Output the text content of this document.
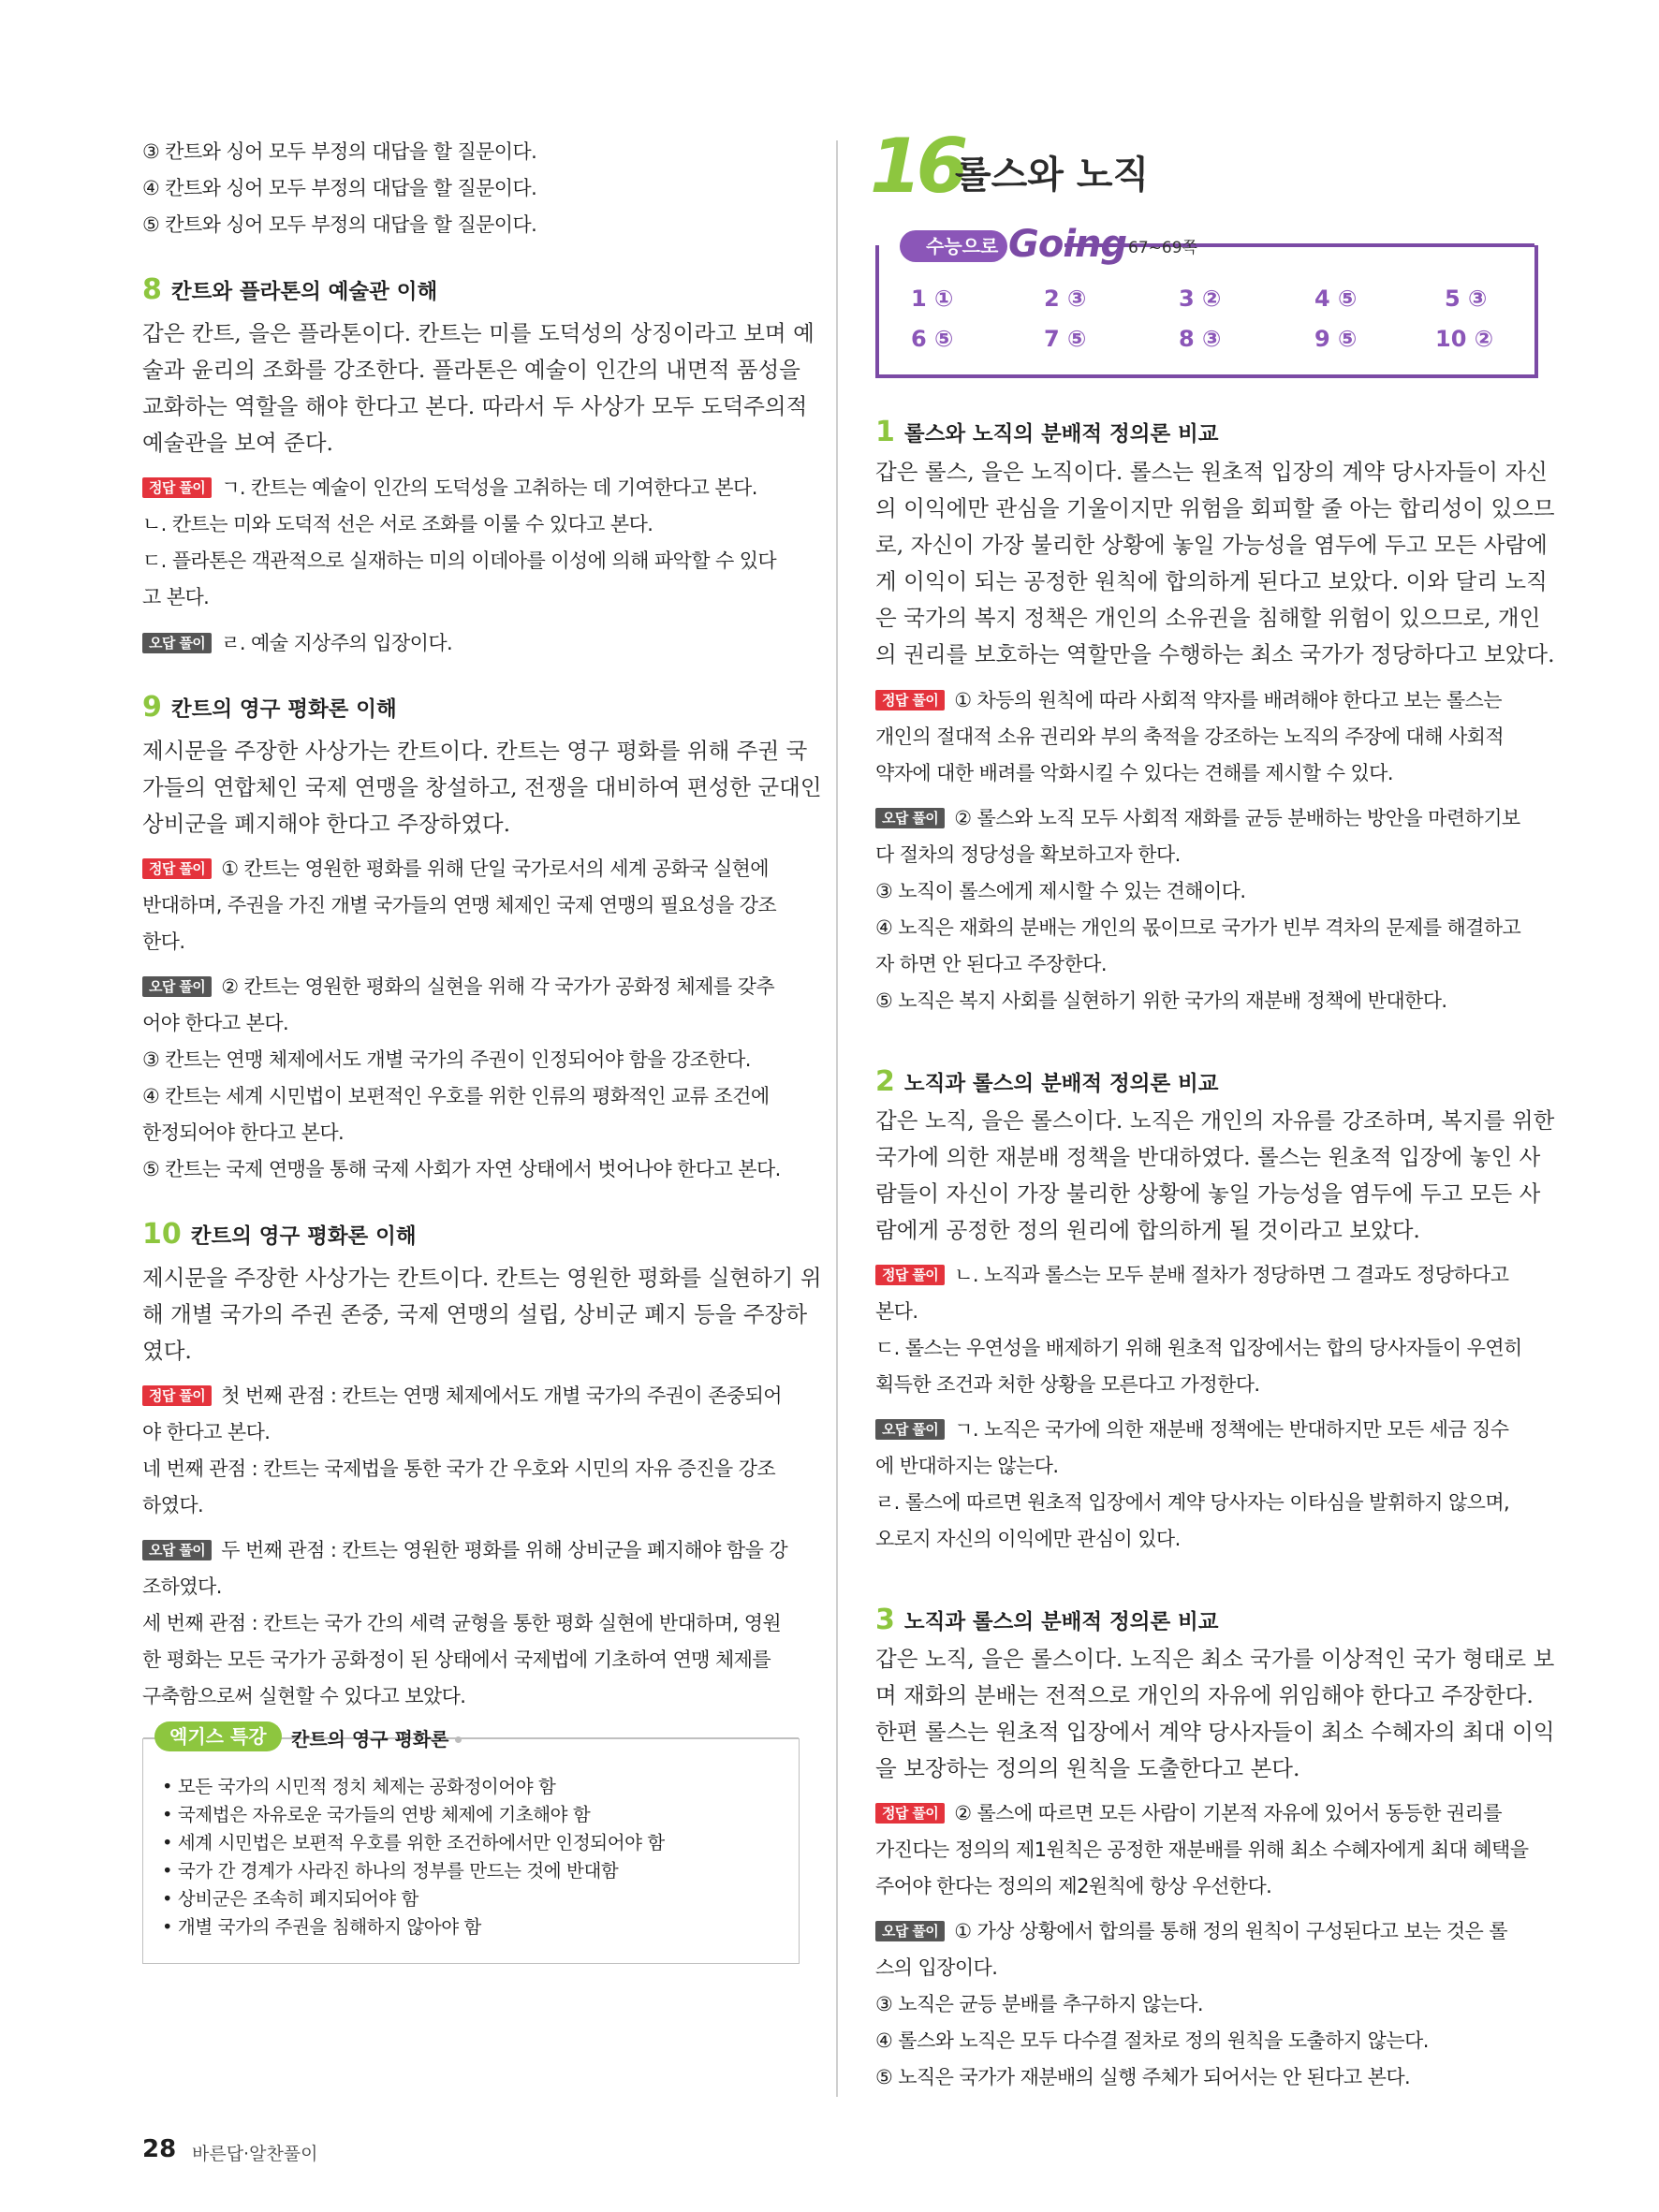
③ 칸트와 싱어 모두 부정의 대답을 할 질문이다.
④ 칸트와 싱어 모두 부정의 대답을 할 질문이다.
⑤ 칸트와 싱어 모두 부정의 대답을 할 질문이다.
8 칸트와 플라톤의 예술관 이해
갑은 칸트, 을은 플라톤이다. 칸트는 미를 도덕성의 상징이라고 보며 예
술과 윤리의 조화를 강조한다. 플라톤은 예술이 인간의 내면적 품성을
교화하는 역할을 해야 한다고 본다. 따라서 두 사상가 모두 도덕주의적
예술관을 보여 준다.
정답 풀이 ㄱ. 칸트는 예술이 인간의 도덕성을 고취하는 데 기여한다고 본다.
ㄴ. 칸트는 미와 도덕적 선은 서로 조화를 이룰 수 있다고 본다.
ㄷ. 플라톤은 객관적으로 실재하는 미의 이데아를 이성에 의해 파악할 수 있다
고 본다.
오답 풀이 ㄹ. 예술 지상주의 입장이다.
9 칸트의 영구 평화론 이해
제시문을 주장한 사상가는 칸트이다. 칸트는 영구 평화를 위해 주권 국
가들의 연합체인 국제 연맹을 창설하고, 전쟁을 대비하여 편성한 군대인
상비군을 폐지해야 한다고 주장하였다.
정답 풀이 ① 칸트는 영원한 평화를 위해 단일 국가로서의 세계 공화국 실현에
반대하며, 주권을 가진 개별 국가들의 연맹 체제인 국제 연맹의 필요성을 강조
한다.
오답 풀이 ② 칸트는 영원한 평화의 실현을 위해 각 국가가 공화정 체제를 갖추
어야 한다고 본다.
③ 칸트는 연맹 체제에서도 개별 국가의 주권이 인정되어야 함을 강조한다.
④ 칸트는 세계 시민법이 보편적인 우호를 위한 인류의 평화적인 교류 조건에
한정되어야 한다고 본다.
⑤ 칸트는 국제 연맹을 통해 국제 사회가 자연 상태에서 벗어나야 한다고 본다.
10 칸트의 영구 평화론 이해
제시문을 주장한 사상가는 칸트이다. 칸트는 영원한 평화를 실현하기 위
해 개별 국가의 주권 존중, 국제 연맹의 설립, 상비군 폐지 등을 주장하
였다.
정답 풀이 첫 번째 관점 : 칸트는 연맹 체제에서도 개별 국가의 주권이 존중되어
야 한다고 본다.
네 번째 관점 : 칸트는 국제법을 통한 국가 간 우호와 시민의 자유 증진을 강조
하였다.
오답 풀이 두 번째 관점 : 칸트는 영원한 평화를 위해 상비군을 폐지해야 함을 강
조하였다.
세 번째 관점 : 칸트는 국가 간의 세력 균형을 통한 평화 실현에 반대하며, 영원
한 평화는 모든 국가가 공화정이 된 상태에서 국제법에 기초하여 연맹 체제를
구축함으로써 실현할 수 있다고 보았다.
엑기스 특강	칸트의 영구 평화론
• 모든 국가의 시민적 정치 체제는 공화정이어야 함
• 국제법은 자유로운 국가들의 연방 체제에 기초해야 함
• 세계 시민법은 보편적 우호를 위한 조건하에서만 인정되어야 함
• 국가 간 경계가 사라진 하나의 정부를 만드는 것에 반대함
• 상비군은 조속히 폐지되어야 함
• 개별 국가의 주권을 침해하지 않아야 함
16
롤스와 노직
수능으로 Going 67~69쪽
1 ①	2 ③	3 ②	4 ⑤	5 ③
6 ⑤	7 ⑤	8 ③	9 ⑤	10 ②
1 롤스와 노직의 분배적 정의론 비교
갑은 롤스, 을은 노직이다. 롤스는 원초적 입장의 계약 당사자들이 자신
의 이익에만 관심을 기울이지만 위험을 회피할 줄 아는 합리성이 있으므
로, 자신이 가장 불리한 상황에 놓일 가능성을 염두에 두고 모든 사람에
게 이익이 되는 공정한 원칙에 합의하게 된다고 보았다. 이와 달리 노직
은 국가의 복지 정책은 개인의 소유권을 침해할 위험이 있으므로, 개인
의 권리를 보호하는 역할만을 수행하는 최소 국가가 정당하다고 보았다.
정답 풀이 ① 차등의 원칙에 따라 사회적 약자를 배려해야 한다고 보는 롤스는
개인의 절대적 소유 권리와 부의 축적을 강조하는 노직의 주장에 대해 사회적
약자에 대한 배려를 악화시킬 수 있다는 견해를 제시할 수 있다.
오답 풀이 ② 롤스와 노직 모두 사회적 재화를 균등 분배하는 방안을 마련하기보
다 절차의 정당성을 확보하고자 한다.
③ 노직이 롤스에게 제시할 수 있는 견해이다.
④ 노직은 재화의 분배는 개인의 몫이므로 국가가 빈부 격차의 문제를 해결하고
자 하면 안 된다고 주장한다.
⑤ 노직은 복지 사회를 실현하기 위한 국가의 재분배 정책에 반대한다.
2 노직과 롤스의 분배적 정의론 비교
갑은 노직, 을은 롤스이다. 노직은 개인의 자유를 강조하며, 복지를 위한
국가에 의한 재분배 정책을 반대하였다. 롤스는 원초적 입장에 놓인 사
람들이 자신이 가장 불리한 상황에 놓일 가능성을 염두에 두고 모든 사
람에게 공정한 정의 원리에 합의하게 될 것이라고 보았다.
정답 풀이 ㄴ. 노직과 롤스는 모두 분배 절차가 정당하면 그 결과도 정당하다고
본다.
ㄷ. 롤스는 우연성을 배제하기 위해 원초적 입장에서는 합의 당사자들이 우연히
획득한 조건과 처한 상황을 모른다고 가정한다.
오답 풀이 ㄱ. 노직은 국가에 의한 재분배 정책에는 반대하지만 모든 세금 징수
에 반대하지는 않는다.
ㄹ. 롤스에 따르면 원초적 입장에서 계약 당사자는 이타심을 발휘하지 않으며,
오로지 자신의 이익에만 관심이 있다.
3 노직과 롤스의 분배적 정의론 비교
갑은 노직, 을은 롤스이다. 노직은 최소 국가를 이상적인 국가 형태로 보
며 재화의 분배는 전적으로 개인의 자유에 위임해야 한다고 주장한다.
한편 롤스는 원초적 입장에서 계약 당사자들이 최소 수혜자의 최대 이익
을 보장하는 정의의 원칙을 도출한다고 본다.
정답 풀이 ② 롤스에 따르면 모든 사람이 기본적 자유에 있어서 동등한 권리를
가진다는 정의의 제1원칙은 공정한 재분배를 위해 최소 수혜자에게 최대 혜택을
주어야 한다는 정의의 제2원칙에 항상 우선한다.
오답 풀이 ① 가상 상황에서 합의를 통해 정의 원칙이 구성된다고 보는 것은 롤
스의 입장이다.
③ 노직은 균등 분배를 추구하지 않는다.
④ 롤스와 노직은 모두 다수결 절차로 정의 원칙을 도출하지 않는다.
⑤ 노직은 국가가 재분배의 실행 주체가 되어서는 안 된다고 본다.
28 바른답·알찬풀이
